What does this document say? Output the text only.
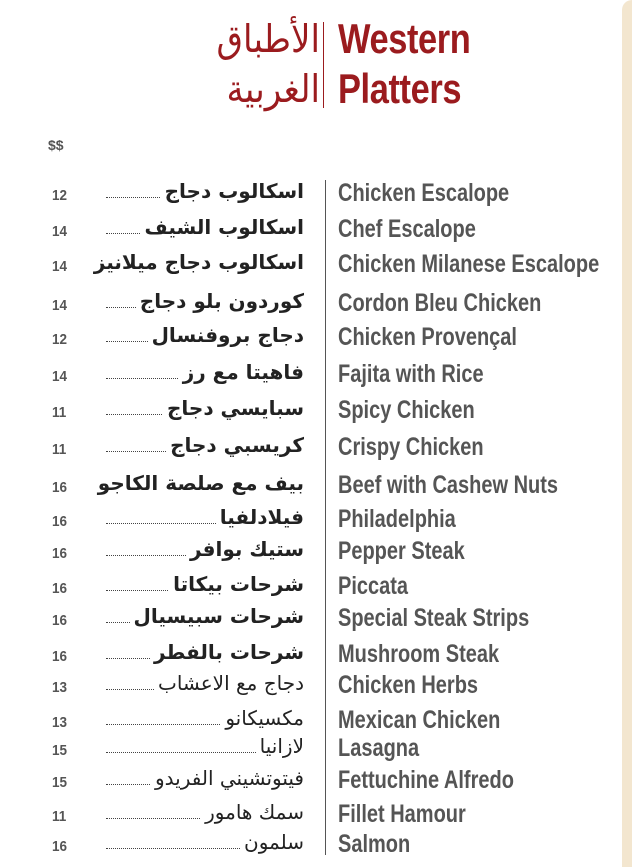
الأطباق
الغربية
Western
Platters
$$
12	اسكالوب دجاج Chicken Escalope
14	اسكالوب الشيف Chef Escalope
14 اسكالوب دجاج ميلانيز Chicken Milanese Escalope
14	كوردون بلو دجاج Cordon Bleu Chicken
12	دجاج بروفنسال Chicken Provençal
14	فاهيتا مع رز Fajita with Rice
11	سبايسي دجاج Spicy Chicken
11	كريسبي دجاج Crispy Chicken
16 بيف مع صلصة الكاجو Beef with Cashew Nuts
16	فيلادلفيا Philadelphia
16	ستيك بوافر Pepper Steak
16	شرحات بيكاتا Piccata
16	شرحات سبيسيال Special Steak Strips
16	شرحات بالفطر Mushroom Steak
13	دجاج مع الاعشاب Chicken Herbs
13	مكسيكانو Mexican Chicken
15	لازانيا Lasagna
15	فيتوتشيني الفريدو Fettuchine Alfredo
11	سمك هامور Fillet Hamour
16	سلمون Salmon
